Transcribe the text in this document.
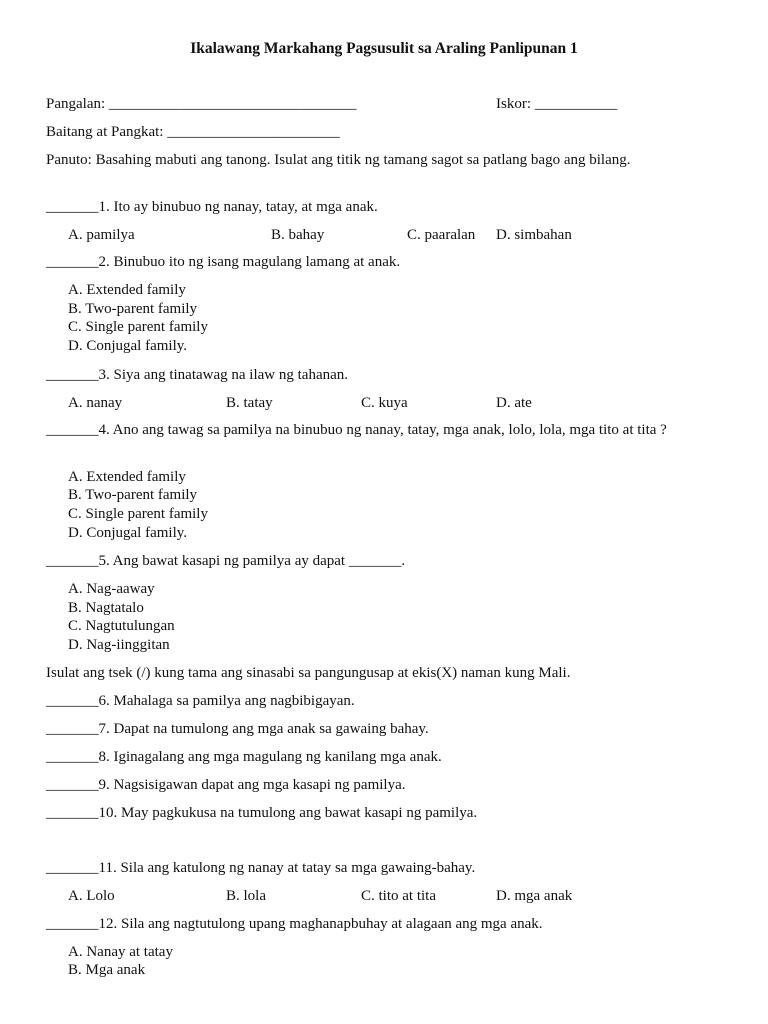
Ikalawang Markahang Pagsusulit sa Araling Panlipunan 1
Pangalan: _________________________________	Iskor: ___________
Baitang at Pangkat: _______________________
Panuto: Basahing mabuti ang tanong. Isulat ang titik ng tamang sagot sa patlang bago ang bilang.
_______1. Ito ay binubuo ng nanay, tatay, at mga anak.
A. pamilya	B. bahay	C. paaralan D. simbahan
_______2. Binubuo ito ng isang magulang lamang at anak.
A. Extended family
B. Two-parent family
C. Single parent family
D. Conjugal family.
_______3. Siya ang tinatawag na ilaw ng tahanan.
A. nanay	B. tatay	C. kuya	D. ate
_______4. Ano ang tawag sa pamilya na binubuo ng nanay, tatay, mga anak, lolo, lola, mga tito at tita ?
A. Extended family
B. Two-parent family
C. Single parent family
D. Conjugal family.
_______5. Ang bawat kasapi ng pamilya ay dapat _______.
A. Nag-aaway
B. Nagtatalo
C. Nagtutulungan
D. Nag-iinggitan
Isulat ang tsek (/) kung tama ang sinasabi sa pangungusap at ekis(X) naman kung Mali.
_______6. Mahalaga sa pamilya ang nagbibigayan.
_______7. Dapat na tumulong ang mga anak sa gawaing bahay.
_______8. Iginagalang ang mga magulang ng kanilang mga anak.
_______9. Nagsisigawan dapat ang mga kasapi ng pamilya.
_______10. May pagkukusa na tumulong ang bawat kasapi ng pamilya.
_______11. Sila ang katulong ng nanay at tatay sa mga gawaing-bahay.
A. Lolo	B. lola	C. tito at tita	D. mga anak
_______12. Sila ang nagtutulong upang maghanapbuhay at alagaan ang mga anak.
A. Nanay at tatay
B. Mga anak
